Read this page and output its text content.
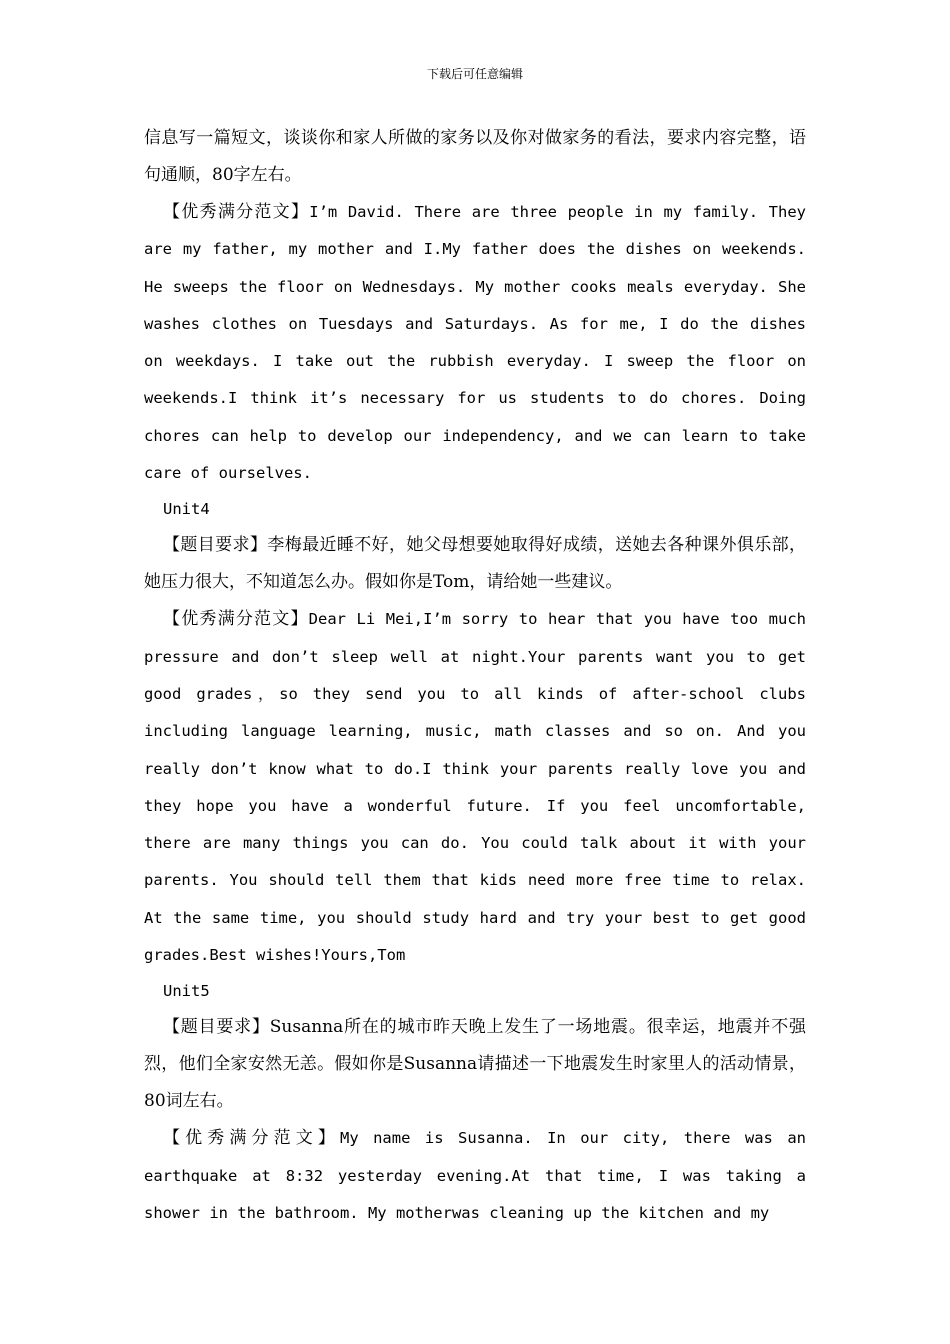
下载后可任意编辑

信息写一篇短文，谈谈你和家人所做的家务以及你对做家务的看法，要求内容完整，语句通顺，80字左右。

【优秀满分范文】I’m David. There are three people in my family. They are my father, my mother and I.My father does the dishes on weekends. He sweeps the floor on Wednesdays. My mother cooks meals everyday. She washes clothes on Tuesdays and Saturdays. As for me, I do the dishes on weekdays. I take out the rubbish everyday. I sweep the floor on weekends.I think it’s necessary for us students to do chores. Doing chores can help to develop our independency, and we can learn to take care of ourselves.

Unit4

【题目要求】李梅最近睡不好，她父母想要她取得好成绩，送她去各种课外俱乐部，她压力很大，不知道怎么办。假如你是Tom，请给她一些建议。

【优秀满分范文】Dear Li Mei,I’m sorry to hear that you have too much pressure and don’t sleep well at night.Your parents want you to get good grades，so they send you to all kinds of after-school clubs including language learning, music, math classes and so on. And you really don’t know what to do.I think your parents really love you and they hope you have a wonderful future. If you feel uncomfortable, there are many things you can do. You could talk about it with your parents. You should tell them that kids need more free time to relax. At the same time, you should study hard and try your best to get good grades.Best wishes!Yours,Tom

Unit5

【题目要求】Susanna所在的城市昨天晚上发生了一场地震。很幸运，地震并不强烈，他们全家安然无恙。假如你是Susanna请描述一下地震发生时家里人的活动情景，80词左右。

【优秀满分范文】My name is Susanna. In our city, there was an earthquake at 8:32 yesterday evening.At that time, I was taking a shower in the bathroom. My motherwas cleaning up the kitchen and my
